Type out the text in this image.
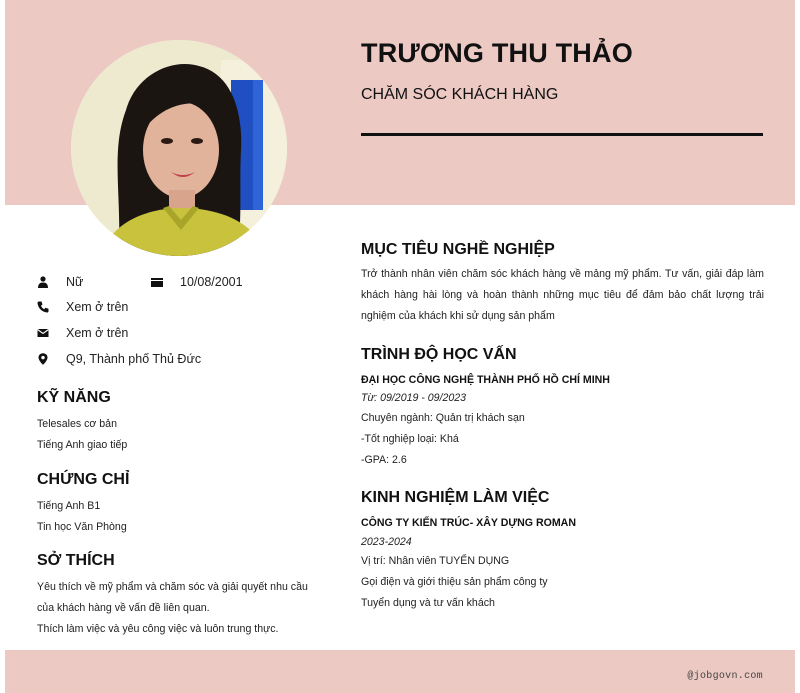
TRƯƠNG THU THẢO
CHĂM SÓC KHÁCH HÀNG
Nữ	10/08/2001
Xem ở trên
Xem ở trên
Q9, Thành phố Thủ Đức
KỸ NĂNG
Telesales cơ bản
Tiếng Anh giao tiếp
CHỨNG CHỈ
Tiếng Anh B1
Tin học Văn Phòng
SỞ THÍCH
Yêu thích về mỹ phẩm và chăm sóc và giải quyết nhu cầu
của khách hàng về vấn đề liên quan.
Thích làm việc và yêu công việc và luôn trung thực.
MỤC TIÊU NGHỀ NGHIỆP
Trở thành nhân viên chăm sóc khách hàng về mảng mỹ phẩm. Tư vấn, giải đáp làm khách hàng hài lòng và hoàn thành những mục tiêu để đảm bảo chất lượng trải nghiệm của khách khi sử dụng sản phẩm
TRÌNH ĐỘ HỌC VẤN
ĐẠI HỌC CÔNG NGHỆ THÀNH PHỐ HỒ CHÍ MINH
Từ: 09/2019 - 09/2023
Chuyên ngành: Quản trị khách sạn
-Tốt nghiệp loại: Khá
-GPA: 2.6
KINH NGHIỆM LÀM VIỆC
CÔNG TY KIẾN TRÚC- XÂY DỰNG ROMAN
2023-2024
Vị trí: Nhân viên TUYỂN DỤNG
Gọi điện và giới thiệu sản phẩm công ty
Tuyển dụng và tư vấn khách
@jobgovn.com
